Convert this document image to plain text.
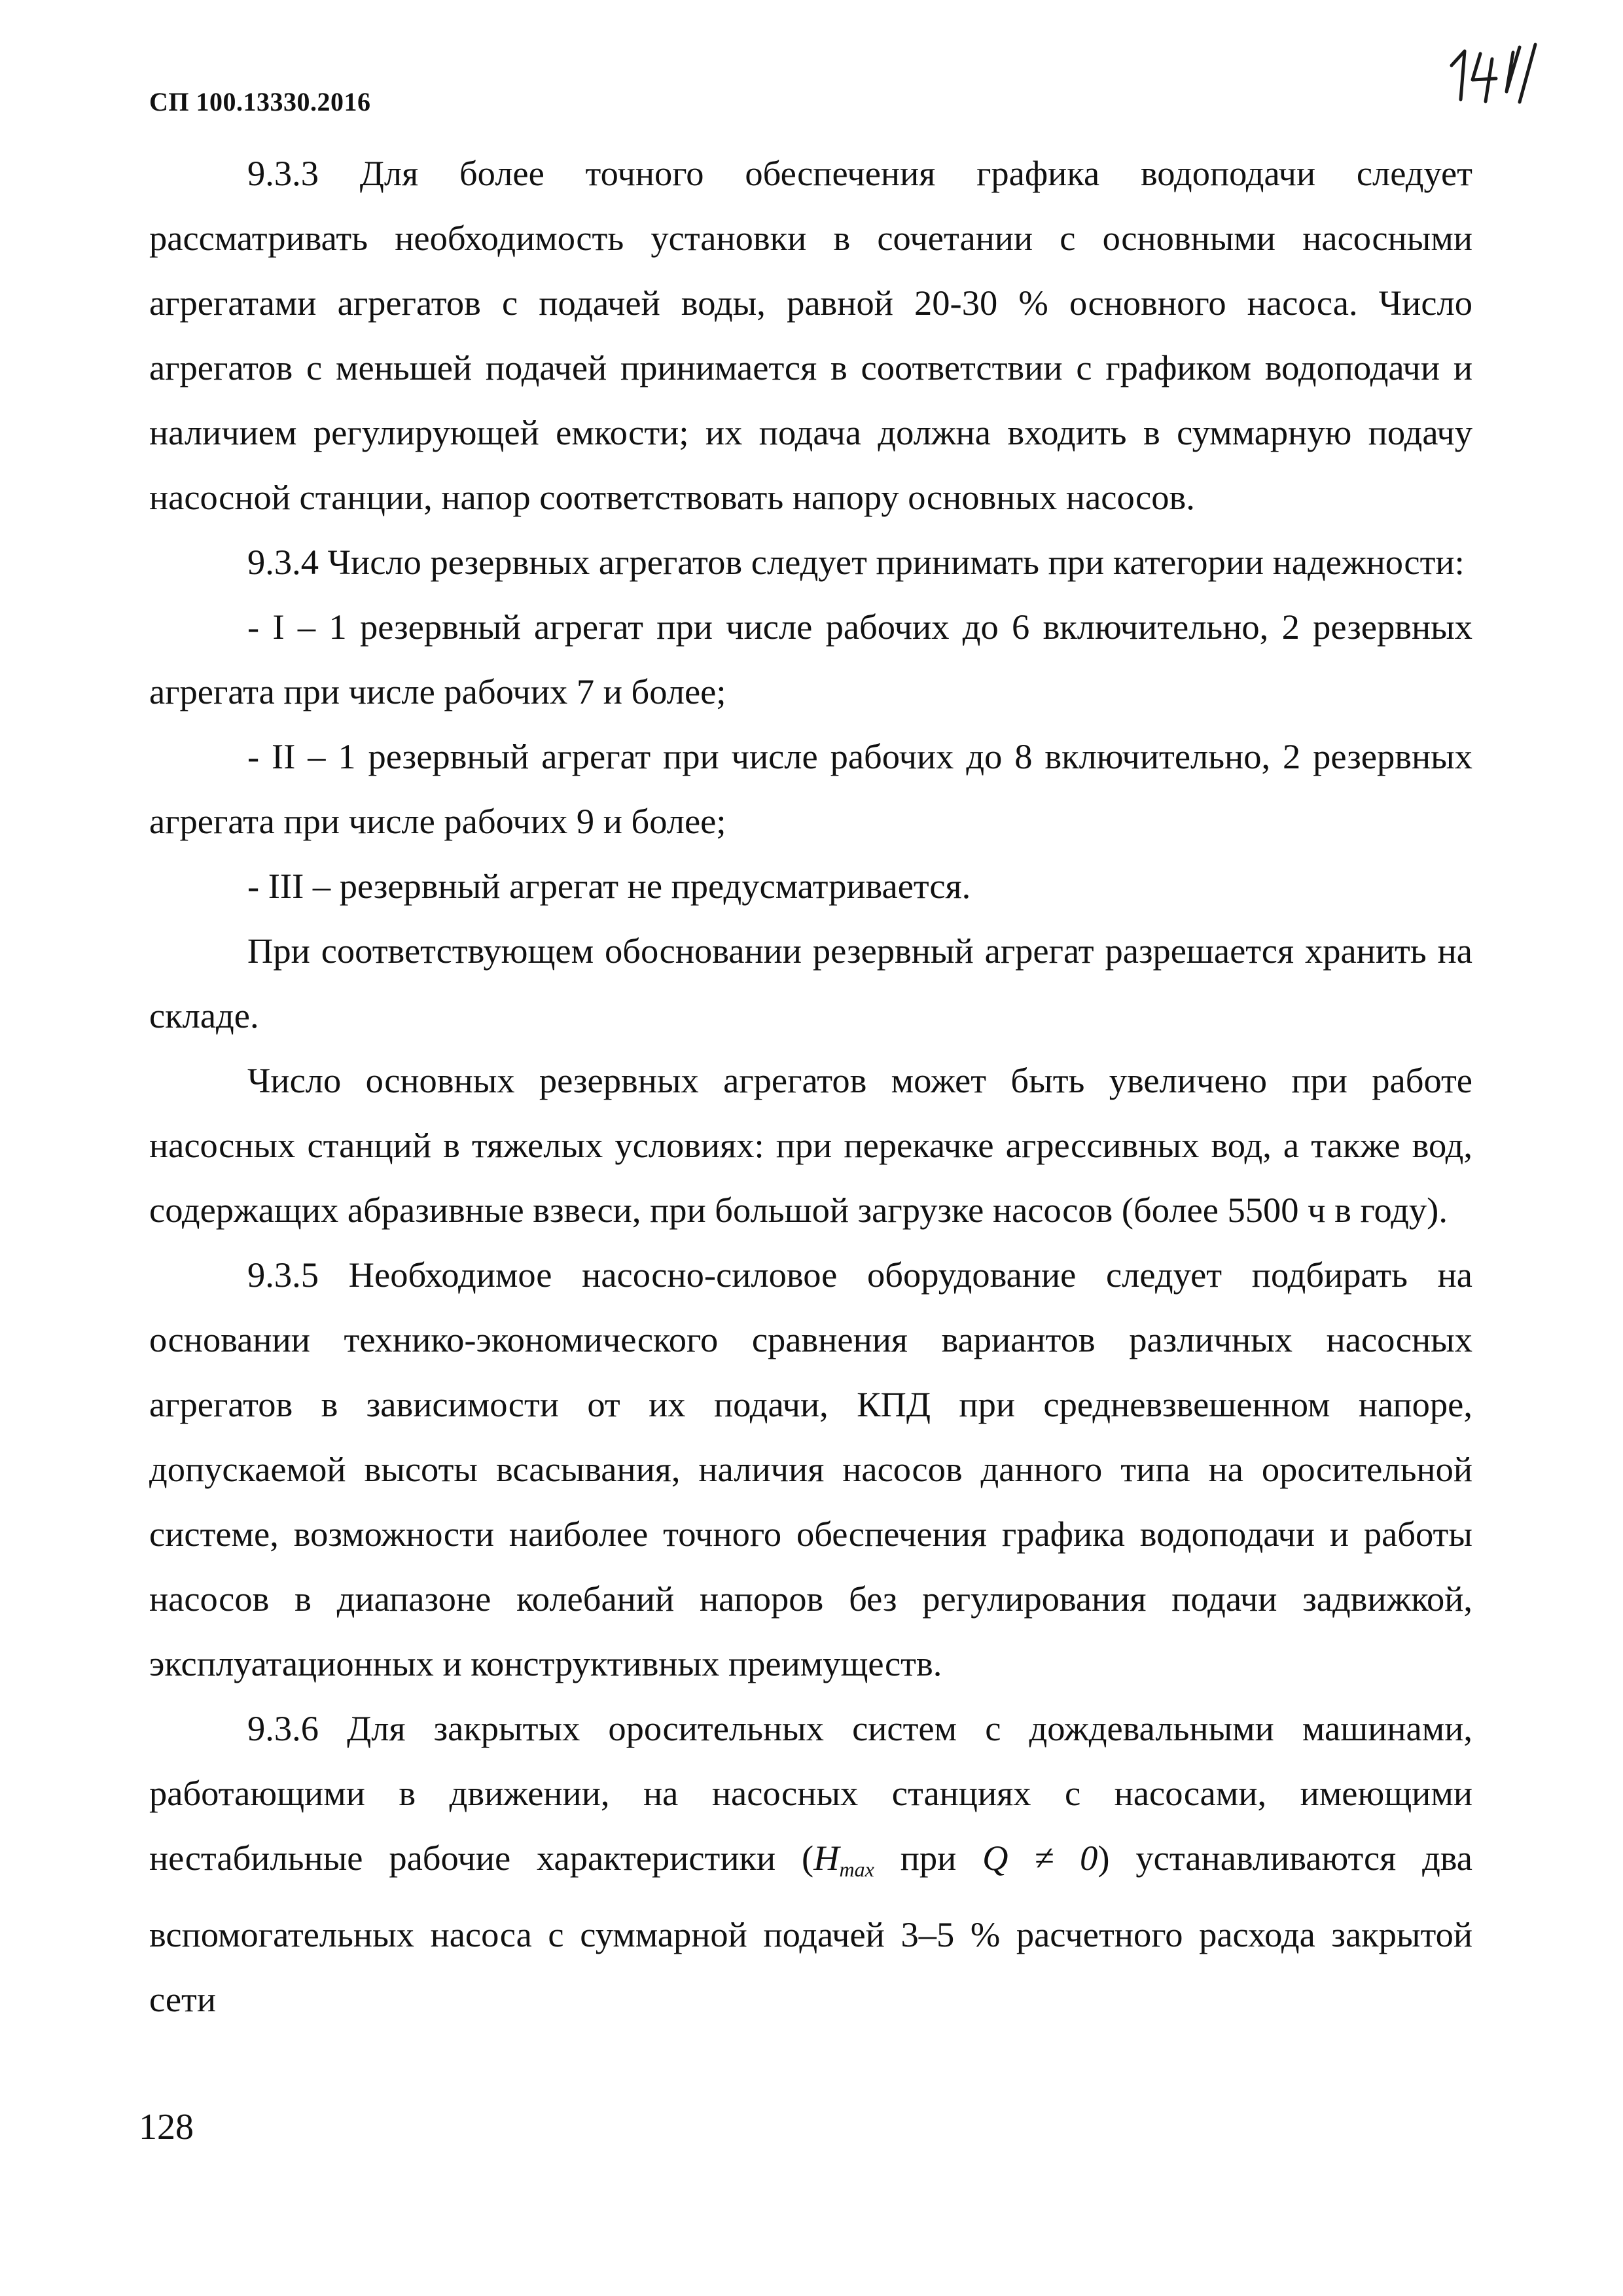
СП 100.13330.2016

9.3.3 Для более точного обеспечения графика водоподачи следует рассматривать необходимость установки в сочетании с основными насосными агрегатами агрегатов с подачей воды, равной 20-30 % основного насоса. Число агрегатов с меньшей подачей принимается в соответствии с графиком водоподачи и наличием регулирующей емкости; их подача должна входить в суммарную подачу насосной станции, напор соответствовать напору основных насосов.

9.3.4 Число резервных агрегатов следует принимать при категории надежности:

- I – 1 резервный агрегат при числе рабочих до 6 включительно, 2 резервных агрегата при числе рабочих 7 и более;

- II – 1 резервный агрегат при числе рабочих до 8 включительно, 2 резервных агрегата при числе рабочих 9 и более;

- III – резервный агрегат не предусматривается.

При соответствующем обосновании резервный агрегат разрешается хранить на складе.

Число основных резервных агрегатов может быть увеличено при работе насосных станций в тяжелых условиях: при перекачке агрессивных вод, а также вод, содержащих абразивные взвеси, при большой загрузке насосов (более 5500 ч в году).

9.3.5 Необходимое насосно-силовое оборудование следует подбирать на основании технико-экономического сравнения вариантов различных насосных агрегатов в зависимости от их подачи, КПД при средневзвешенном напоре, допускаемой высоты всасывания, наличия насосов данного типа на оросительной системе, возможности наиболее точного обеспечения графика водоподачи и работы насосов в диапазоне колебаний напоров без регулирования подачи задвижкой, эксплуатационных и конструктивных преимуществ.

9.3.6 Для закрытых оросительных систем с дождевальными машинами, работающими в движении, на насосных станциях с насосами, имеющими нестабильные рабочие характеристики ($H_{max}$ при Q ≠ 0) устанавливаются два вспомогательных насоса с суммарной подачей 3–5 % расчетного расхода закрытой сети

128
